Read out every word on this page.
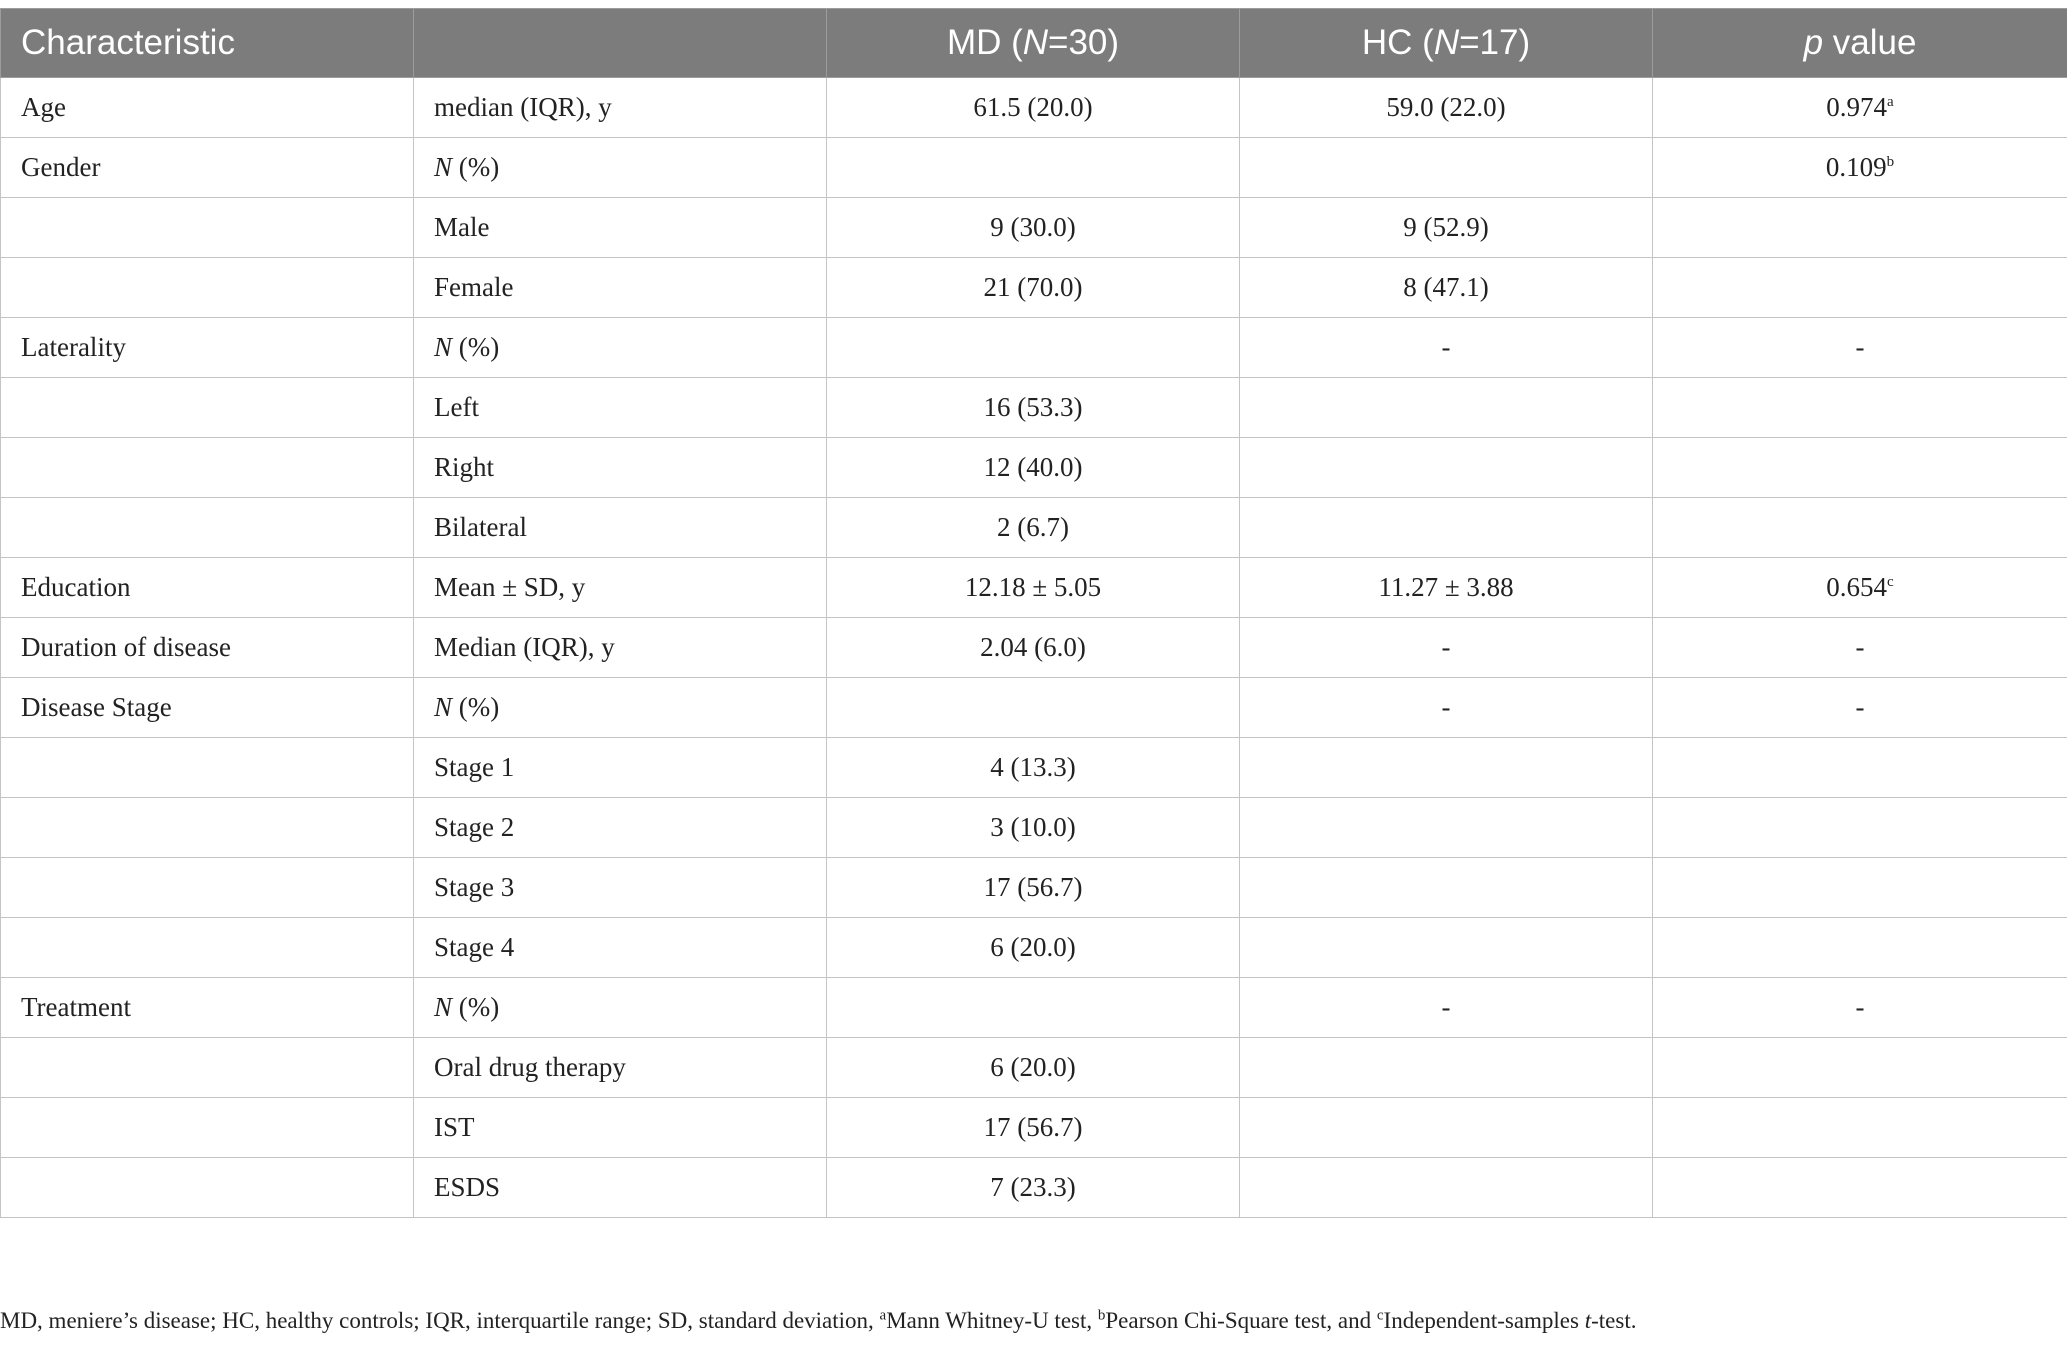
Characteristic		MD (N=30)	HC (N=17)	p value
Age	median (IQR), y	61.5 (20.0)	59.0 (22.0)	0.974$^a$
Gender	N (%)			0.109$^b$
	Male	9 (30.0)	9 (52.9)	
	Female	21 (70.0)	8 (47.1)	
Laterality	N (%)		-	-
	Left	16 (53.3)		
	Right	12 (40.0)		
	Bilateral	2 (6.7)		
Education	Mean ± SD, y	12.18 ± 5.05	11.27 ± 3.88	0.654$^c$
Duration of disease	Median (IQR), y	2.04 (6.0)	-	-
Disease Stage	N (%)		-	-
	Stage 1	4 (13.3)		
	Stage 2	3 (10.0)		
	Stage 3	17 (56.7)		
	Stage 4	6 (20.0)		
Treatment	N (%)		-	-
	Oral drug therapy	6 (20.0)		
	IST	17 (56.7)		
	ESDS	7 (23.3)		
MD, meniere’s disease; HC, healthy controls; IQR, interquartile range; SD, standard deviation, $^a$Mann Whitney-U test, $^b$Pearson Chi-Square test, and $^c$Independent-samples t-test.
